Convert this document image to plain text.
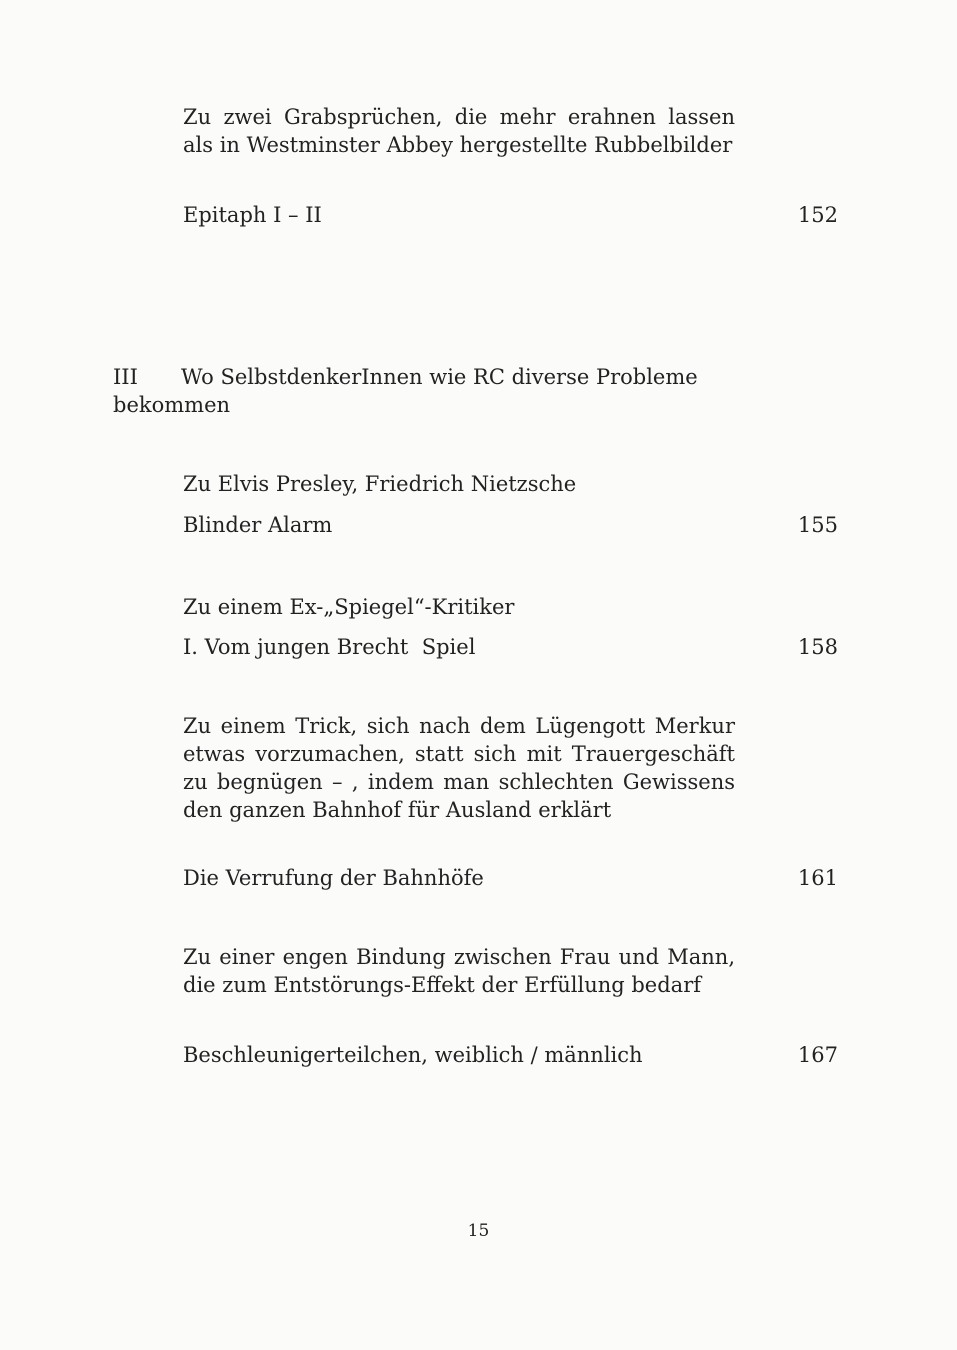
Zu zwei Grabsprüchen, die mehr erahnen lassen als in Westminster Abbey hergestellte Rubbelbilder
Epitaph I – II	152
III Wo SelbstdenkerInnen wie RC diverse Probleme bekommen
Zu Elvis Presley, Friedrich Nietzsche
Blinder Alarm	155
Zu einem Ex-„Spiegel“-Kritiker
I. Vom jungen Brecht  Spiel	158
Zu einem Trick, sich nach dem Lügengott Merkur etwas vorzumachen, statt sich mit Trauergeschäft zu begnügen – , indem man schlechten Gewissens den ganzen Bahnhof für Ausland erklärt
Die Verrufung der Bahnhöfe	161
Zu einer engen Bindung zwischen Frau und Mann, die zum Entstörungs-Effekt der Erfüllung bedarf
Beschleunigerteilchen, weiblich / männlich	167
15
